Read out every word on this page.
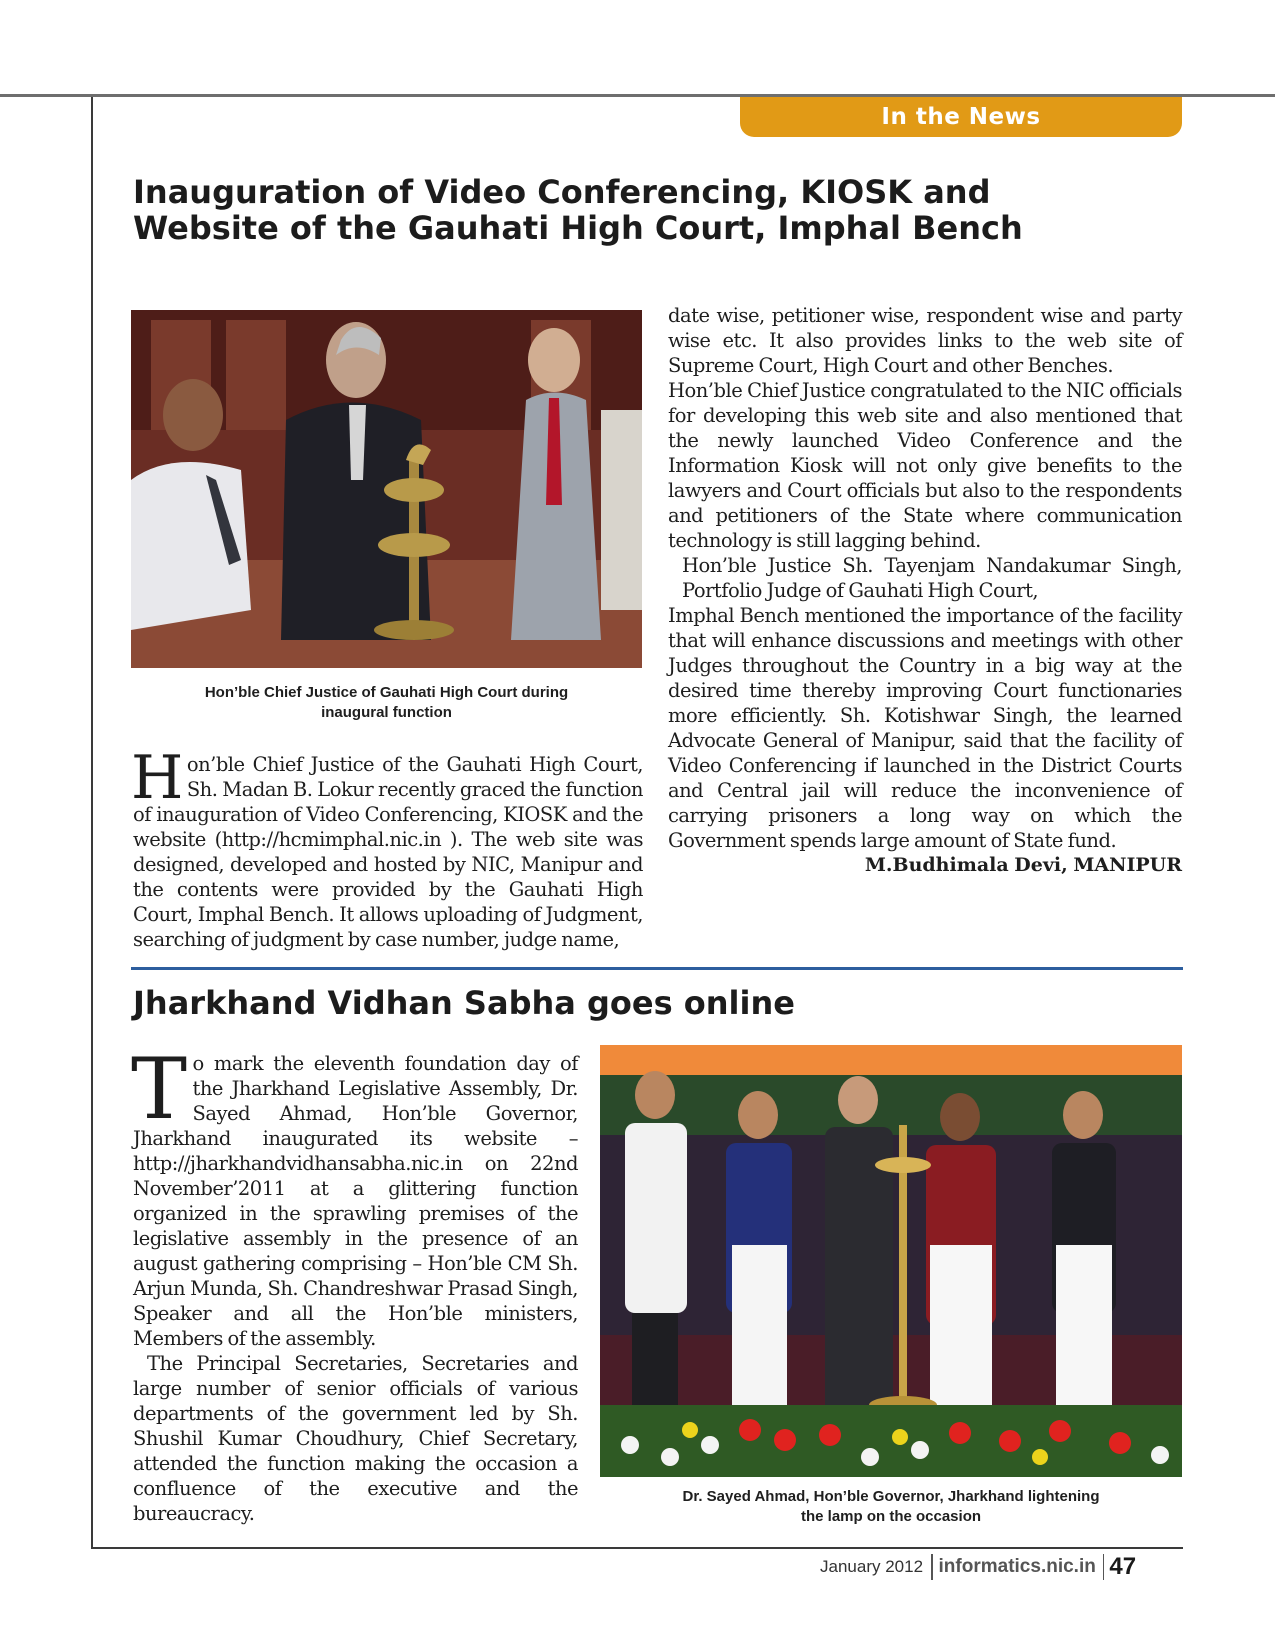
In the News
Inauguration of Video Conferencing, KIOSK and
Website of the Gauhati High Court, Imphal Bench

Hon’ble Chief Justice of Gauhati High Court during
inaugural function

Hon’ble Chief Justice of the Gauhati High Court, Sh. Madan B. Lokur recently graced the function of inauguration of Video Conferencing, KIOSK and the website (http://hcmimphal.nic.in ). The web site was designed, developed and hosted by NIC, Manipur and the contents were provided by the Gauhati High Court, Imphal Bench. It allows uploading of Judgment, searching of judgment by case number, judge name,

date wise, petitioner wise, respondent wise and party wise etc. It also provides links to the web site of Supreme Court, High Court and other Benches.

Hon’ble Chief Justice congratulated to the NIC officials for developing this web site and also mentioned that the newly launched Video Conference and the Information Kiosk will not only give benefits to the lawyers and Court officials but also to the respondents and petitioners of the State where communication technology is still lagging behind.

Hon’ble Justice Sh. Tayenjam Nandakumar Singh, Portfolio Judge of Gauhati High Court,

Imphal Bench mentioned the importance of the facility that will enhance discussions and meetings with other Judges throughout the Country in a big way at the desired time thereby improving Court functionaries more efficiently. Sh. Kotishwar Singh, the learned Advocate General of Manipur, said that the facility of Video Conferencing if launched in the District Courts and Central jail will reduce the inconvenience of carrying prisoners a long way on which the Government spends large amount of State fund.

M.Budhimala Devi, MANIPUR

Jharkhand Vidhan Sabha goes online

To mark the eleventh foundation day of the Jharkhand Legislative Assembly, Dr. Sayed Ahmad, Hon’ble Governor, Jharkhand inaugurated its website – http://jharkhandvidhansabha.nic.in on 22nd November’2011 at a glittering function organized in the sprawling premises of the legislative assembly in the presence of an august gathering comprising – Hon’ble CM Sh. Arjun Munda, Sh. Chandreshwar Prasad Singh, Speaker and all the Hon’ble ministers, Members of the assembly.

The Principal Secretaries, Secretaries and large number of senior officials of various departments of the government led by Sh. Shushil Kumar Choudhury, Chief Secretary, attended the function making the occasion a confluence of the executive and the bureaucracy.

Dr. Sayed Ahmad, Hon’ble Governor, Jharkhand lightening
the lamp on the occasion

January 2012 informatics.nic.in 47
